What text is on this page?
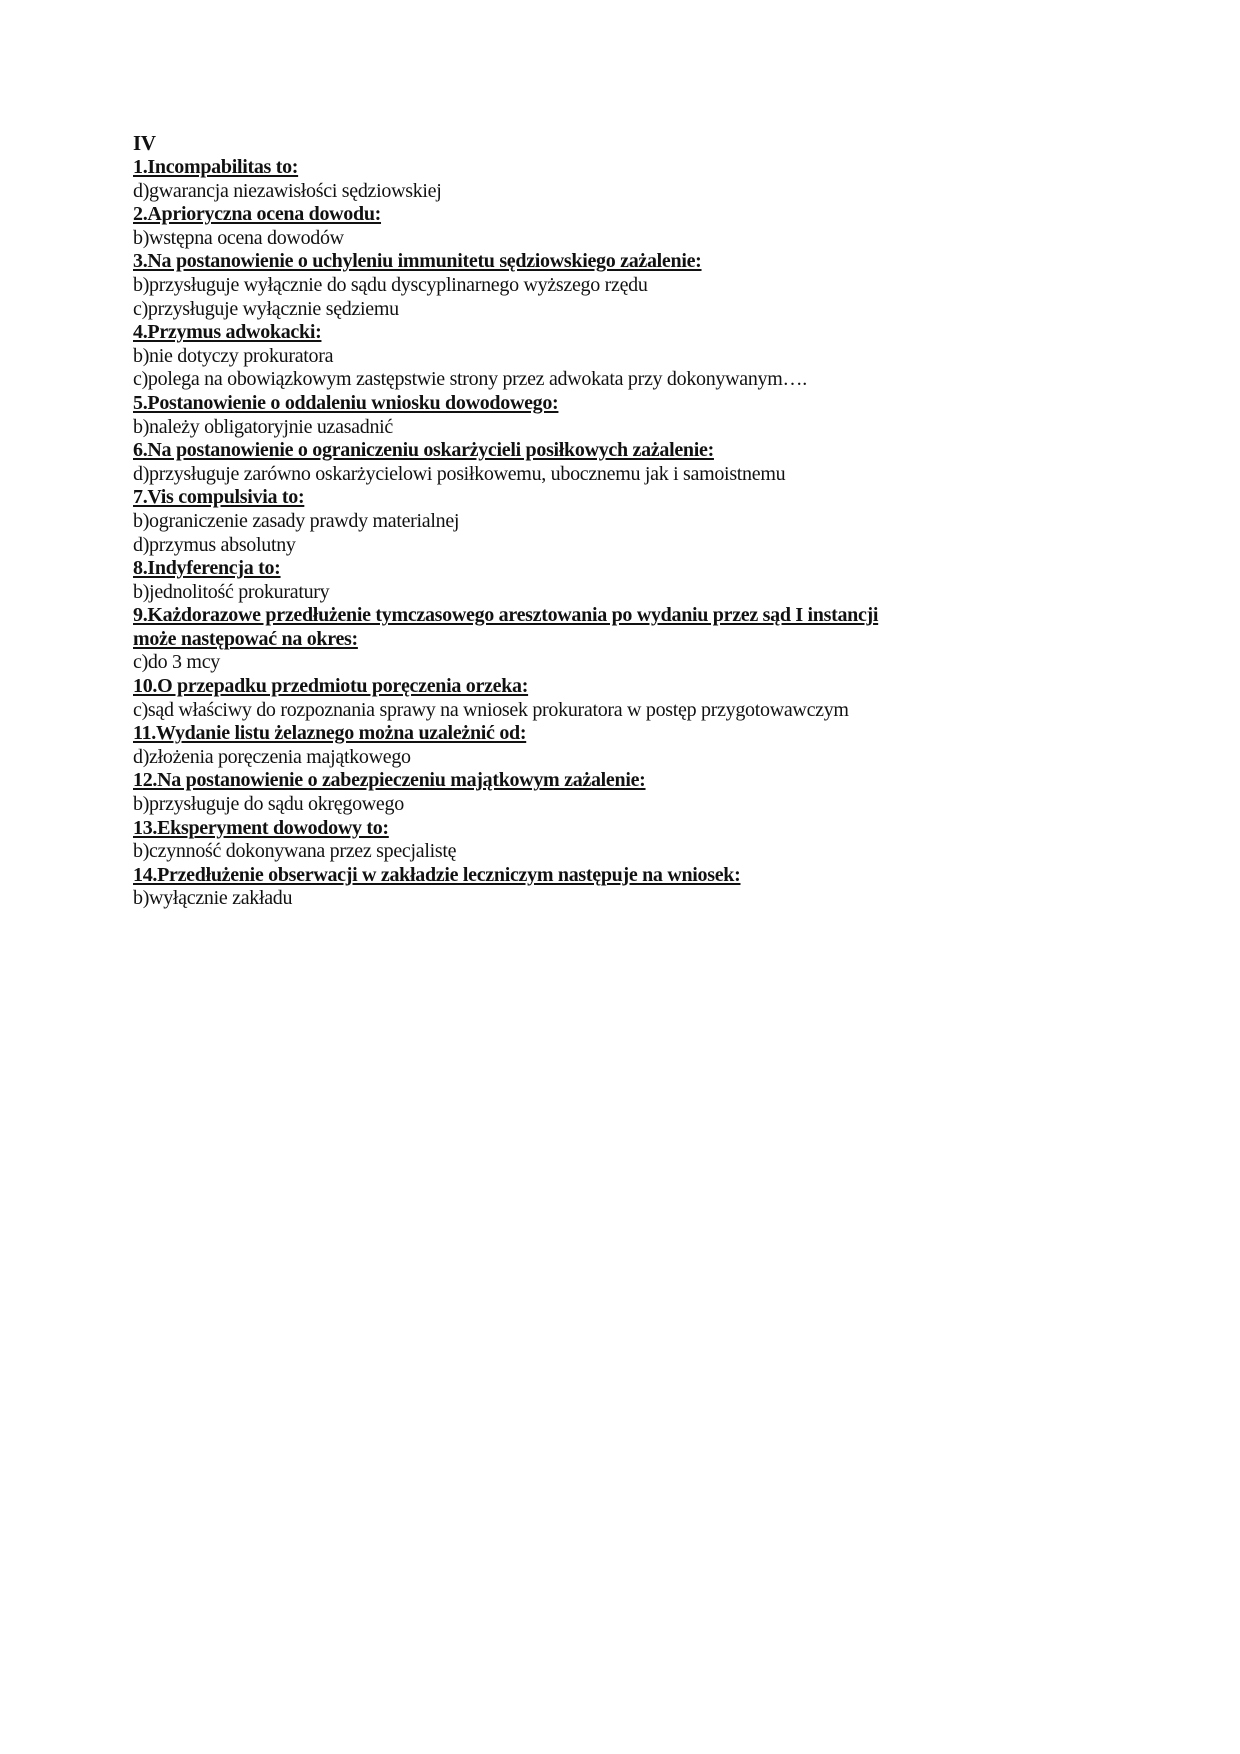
IV
1.Incompabilitas to:
d)gwarancja niezawisłości sędziowskiej
2.Aprioryczna ocena dowodu:
b)wstępna ocena dowodów
3.Na postanowienie o uchyleniu immunitetu sędziowskiego zażalenie:
b)przysługuje wyłącznie do sądu dyscyplinarnego wyższego rzędu
c)przysługuje wyłącznie sędziemu
4.Przymus adwokacki:
b)nie dotyczy prokuratora
c)polega na obowiązkowym zastępstwie strony przez adwokata przy dokonywanym….
5.Postanowienie o oddaleniu wniosku dowodowego:
b)należy obligatoryjnie uzasadnić
6.Na postanowienie o ograniczeniu oskarżycieli posiłkowych zażalenie:
d)przysługuje zarówno oskarżycielowi posiłkowemu, ubocznemu jak i samoistnemu
7.Vis compulsivia to:
b)ograniczenie zasady prawdy materialnej
d)przymus absolutny
8.Indyferencja to:
b)jednolitość prokuratury
9.Każdorazowe przedłużenie tymczasowego aresztowania po wydaniu przez sąd I instancji
może następować na okres:
c)do 3 mcy
10.O przepadku przedmiotu poręczenia orzeka:
c)sąd właściwy do rozpoznania sprawy na wniosek prokuratora w postęp przygotowawczym
11.Wydanie listu żelaznego można uzależnić od:
d)złożenia poręczenia majątkowego
12.Na postanowienie o zabezpieczeniu majątkowym zażalenie:
b)przysługuje do sądu okręgowego
13.Eksperyment dowodowy to:
b)czynność dokonywana przez specjalistę
14.Przedłużenie obserwacji w zakładzie leczniczym następuje na wniosek:
b)wyłącznie zakładu
